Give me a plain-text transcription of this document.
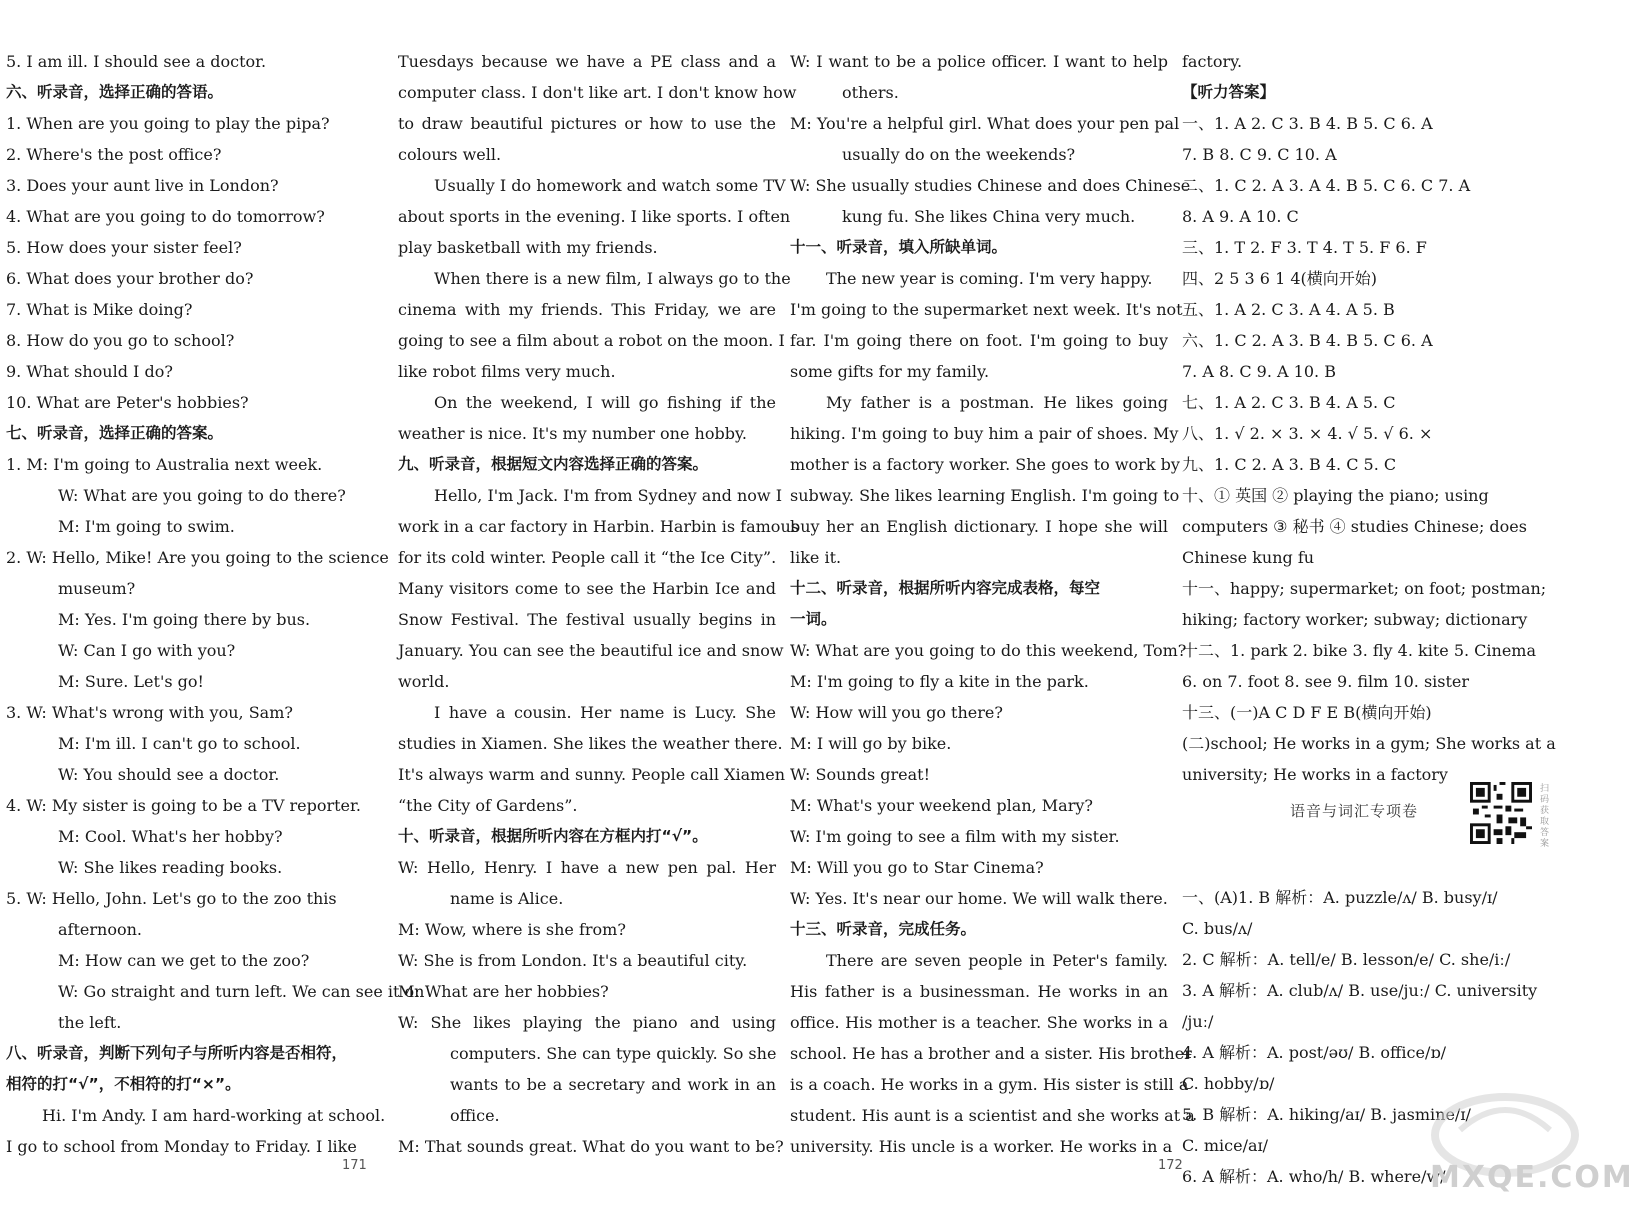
5. I am ill. I should see a doctor.
六、听录音，选择正确的答语。
1. When are you going to play the pipa?
2. Where's the post office?
3. Does your aunt live in London?
4. What are you going to do tomorrow?
5. How does your sister feel?
6. What does your brother do?
7. What is Mike doing?
8. How do you go to school?
9. What should I do?
10. What are Peter's hobbies?
七、听录音，选择正确的答案。
1. M: I'm going to Australia next week.
W: What are you going to do there?
M: I'm going to swim.
2. W: Hello, Mike! Are you going to the science
museum?
M: Yes. I'm going there by bus.
W: Can I go with you?
M: Sure. Let's go!
3. W: What's wrong with you, Sam?
M: I'm ill. I can't go to school.
W: You should see a doctor.
4. W: My sister is going to be a TV reporter.
M: Cool. What's her hobby?
W: She likes reading books.
5. W: Hello, John. Let's go to the zoo this
afternoon.
M: How can we get to the zoo?
W: Go straight and turn left. We can see it on
the left.
八、听录音，判断下列句子与所听内容是否相符，
相符的打“√”，不相符的打“×”。
Hi. I'm Andy. I am hard-working at school.
I go to school from Monday to Friday. I like
Tuesdays because we have a PE class and a
computer class. I don't like art. I don't know how
to draw beautiful pictures or how to use the
colours well.
Usually I do homework and watch some TV
about sports in the evening. I like sports. I often
play basketball with my friends.
When there is a new film, I always go to the
cinema with my friends. This Friday, we are
going to see a film about a robot on the moon. I
like robot films very much.
On the weekend, I will go fishing if the
weather is nice. It's my number one hobby.
九、听录音，根据短文内容选择正确的答案。
Hello, I'm Jack. I'm from Sydney and now I
work in a car factory in Harbin. Harbin is famous
for its cold winter. People call it “the Ice City”.
Many visitors come to see the Harbin Ice and
Snow Festival. The festival usually begins in
January. You can see the beautiful ice and snow
world.
I have a cousin. Her name is Lucy. She
studies in Xiamen. She likes the weather there.
It's always warm and sunny. People call Xiamen
“the City of Gardens”.
十、听录音，根据所听内容在方框内打“√”。
W: Hello, Henry. I have a new pen pal. Her
name is Alice.
M: Wow, where is she from?
W: She is from London. It's a beautiful city.
M: What are her hobbies?
W: She likes playing the piano and using
computers. She can type quickly. So she
wants to be a secretary and work in an
office.
M: That sounds great. What do you want to be?
W: I want to be a police officer. I want to help
others.
M: You're a helpful girl. What does your pen pal
usually do on the weekends?
W: She usually studies Chinese and does Chinese
kung fu. She likes China very much.
十一、听录音，填入所缺单词。
The new year is coming. I'm very happy.
I'm going to the supermarket next week. It's not
far. I'm going there on foot. I'm going to buy
some gifts for my family.
My father is a postman. He likes going
hiking. I'm going to buy him a pair of shoes. My
mother is a factory worker. She goes to work by
subway. She likes learning English. I'm going to
buy her an English dictionary. I hope she will
like it.
十二、听录音，根据所听内容完成表格，每空
一词。
W: What are you going to do this weekend, Tom?
M: I'm going to fly a kite in the park.
W: How will you go there?
M: I will go by bike.
W: Sounds great!
M: What's your weekend plan, Mary?
W: I'm going to see a film with my sister.
M: Will you go to Star Cinema?
W: Yes. It's near our home. We will walk there.
十三、听录音，完成任务。
There are seven people in Peter's family.
His father is a businessman. He works in an
office. His mother is a teacher. She works in a
school. He has a brother and a sister. His brother
is a coach. He works in a gym. His sister is still a
student. His aunt is a scientist and she works at a
university. His uncle is a worker. He works in a
factory.
【听力答案】
一、1. A 2. C 3. B 4. B 5. C 6. A
7. B 8. C 9. C 10. A
二、1. C 2. A 3. A 4. B 5. C 6. C 7. A
8. A 9. A 10. C
三、1. T 2. F 3. T 4. T 5. F 6. F
四、2 5 3 6 1 4(横向开始)
五、1. A 2. C 3. A 4. A 5. B
六、1. C 2. A 3. B 4. B 5. C 6. A
7. A 8. C 9. A 10. B
七、1. A 2. C 3. B 4. A 5. C
八、1. √ 2. × 3. × 4. √ 5. √ 6. ×
九、1. C 2. A 3. B 4. C 5. C
十、① 英国 ② playing the piano; using
computers ③ 秘书 ④ studies Chinese; does
Chinese kung fu
十一、happy; supermarket; on foot; postman;
hiking; factory worker; subway; dictionary
十二、1. park 2. bike 3. fly 4. kite 5. Cinema
6. on 7. foot 8. see 9. film 10. sister
十三、(一)A C D F E B(横向开始)
(二)school; He works in a gym; She works at a
university; He works in a factory
一、(A)1. B 解析：A. puzzle/ʌ/ B. busy/ɪ/
C. bus/ʌ/
2. C 解析：A. tell/e/ B. lesson/e/ C. she/iː/
3. A 解析：A. club/ʌ/ B. use/juː/ C. university
/juː/
4. A 解析：A. post/əʊ/ B. office/ɒ/
C. hobby/ɒ/
5. B 解析：A. hiking/aɪ/ B. jasmine/ɪ/
C. mice/aɪ/
6. A 解析：A. who/h/ B. where/w/
语音与词汇专项卷
扫码获取答案
MXQE.COM
171	172
